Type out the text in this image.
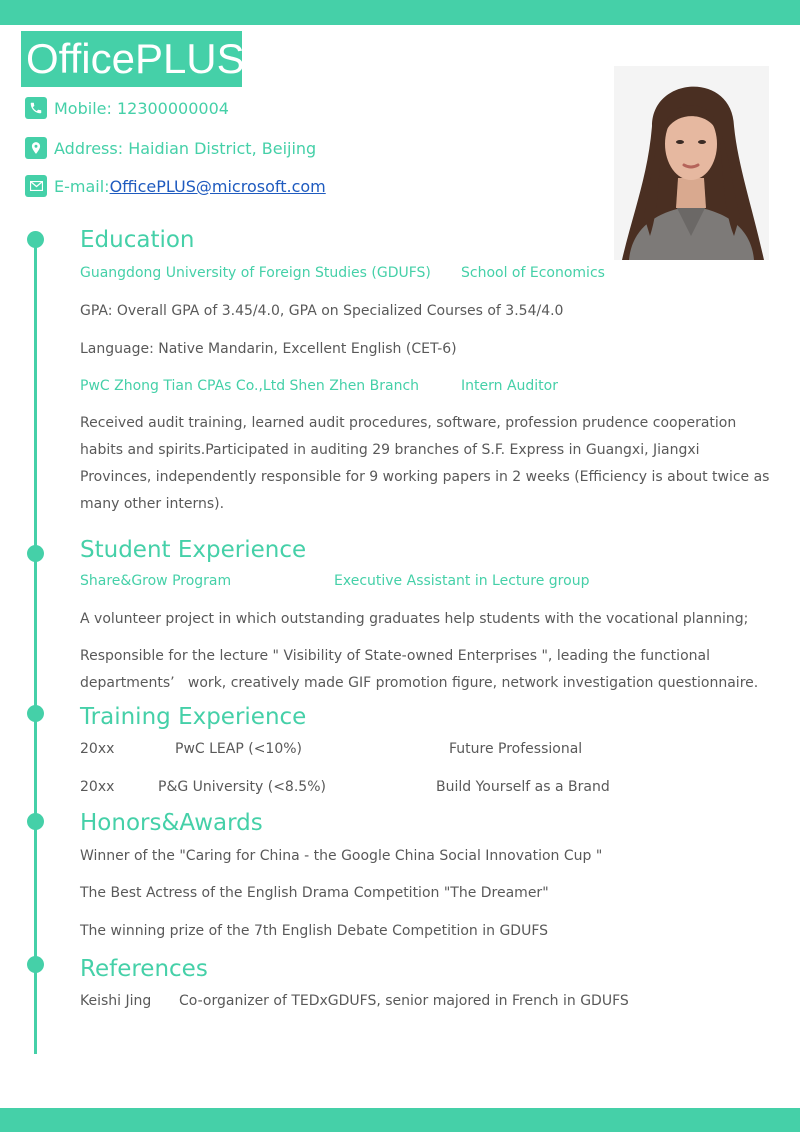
OfficePLUS
Mobile: 12300000004
Address: Haidian District, Beijing
E-mail: OfficePLUS@microsoft.com
Education
Guangdong University of Foreign Studies (GDUFS) School of Economics
GPA: Overall GPA of 3.45/4.0, GPA on Specialized Courses of 3.54/4.0
Language: Native Mandarin, Excellent English (CET-6)
PwC Zhong Tian CPAs Co.,Ltd Shen Zhen Branch	Intern Auditor
Received audit training, learned audit procedures, software, profession prudence cooperation habits and spirits.Participated in auditing 29 branches of S.F. Express in Guangxi, Jiangxi Provinces, independently responsible for 9 working papers in 2 weeks (Efficiency is about twice as many other interns).
Student Experience
Share&Grow Program	Executive Assistant in Lecture group
A volunteer project in which outstanding graduates help students with the vocational planning;
Responsible for the lecture " Visibility of State-owned Enterprises ", leading the functional departments’   work, creatively made GIF promotion figure, network investigation questionnaire.
Training Experience
20xx	PwC LEAP (<10%)	Future Professional
20xx	P&G University (<8.5%)	Build Yourself as a Brand
Honors&Awards
Winner of the "Caring for China - the Google China Social Innovation Cup "
The Best Actress of the English Drama Competition "The Dreamer"
The winning prize of the 7th English Debate Competition in GDUFS
References
Keishi Jing Co-organizer of TEDxGDUFS, senior majored in French in GDUFS
